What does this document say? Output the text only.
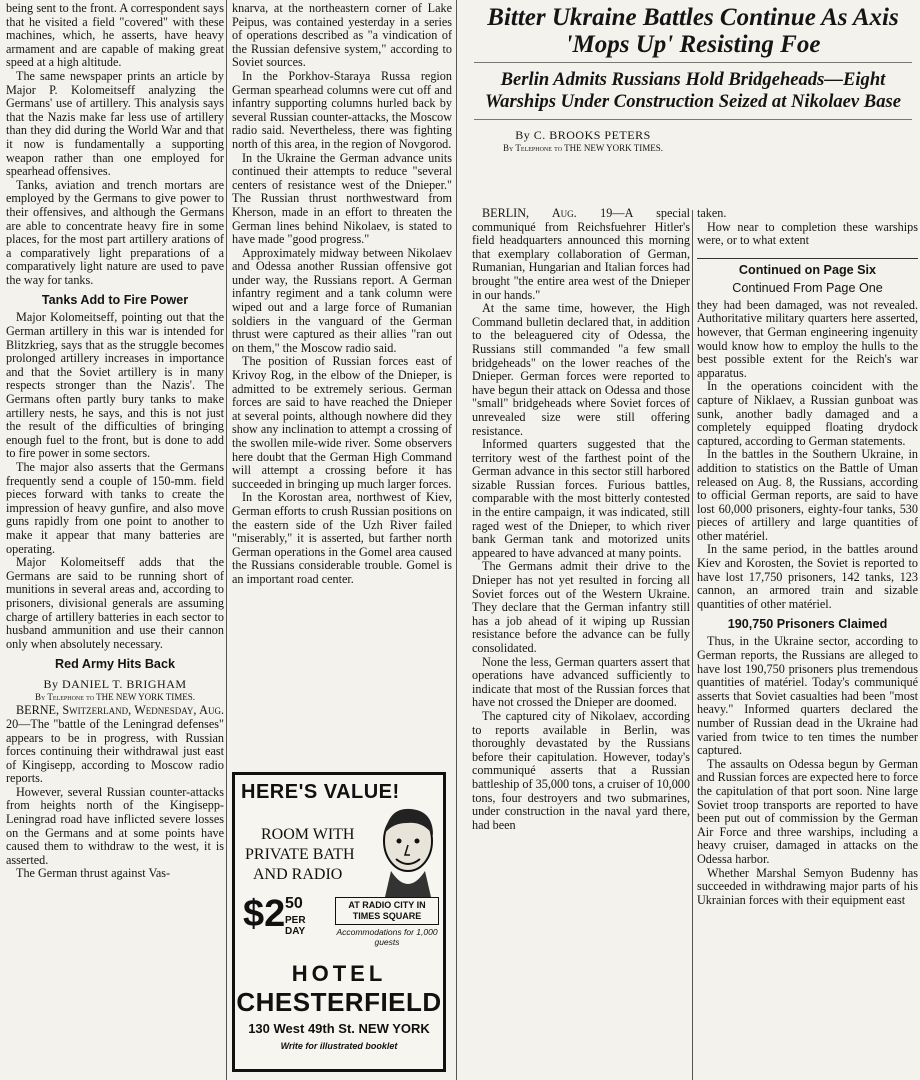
being sent to the front. A correspondent says that he visited a field "covered" with these machines, which, he asserts, have heavy armament and are capable of making great speed at a high altitude.

The same newspaper prints an article by Major P. Kolomeitseff analyzing the Germans' use of artillery. This analysis says that the Nazis make far less use of artillery than they did during the World War and that it now is fundamentally a supporting weapon rather than one employed for spearhead offensives.

Tanks, aviation and trench mortars are employed by the Germans to give power to their offensives, and although the Germans are able to concentrate heavy fire in some places, for the most part artillery arations of a comparatively light preparations of a comparatively light nature are used to pave the way for tanks.

Tanks Add to Fire Power

Major Kolomeitseff, pointing out that the German artillery in this war is intended for Blitzkrieg, says that as the struggle becomes prolonged artillery increases in importance and that the Soviet artillery is in many respects stronger than the Nazis'. The Germans often partly bury tanks to make artillery nests, he says, and this is not just the result of the difficulties of bringing enough fuel to the front, but is done to add to fire power in some sectors.

The major also asserts that the Germans frequently send a couple of 150-mm. field pieces forward with tanks to create the impression of heavy gunfire, and also move guns rapidly from one point to another to make it appear that many batteries are operating.

Major Kolomeitseff adds that the Germans are said to be running short of munitions in several areas and, according to prisoners, divisional generals are assuming charge of artillery batteries in each sector to husband ammunition and use their cannon only when absolutely necessary.

Red Army Hits Back
By DANIEL T. BRIGHAM
By Telephone to THE NEW YORK TIMES.

BERNE, Switzerland, Wednesday, Aug. 20—The "battle of the Leningrad defenses" appears to be in progress, with Russian forces continuing their withdrawal just east of Kingisepp, according to Moscow radio reports.

However, several Russian counter-attacks from heights north of the Kingisepp-Leningrad road have inflicted severe losses on the Germans and at some points have caused them to withdraw to the west, it is asserted.

The German thrust against Vas-

knarva, at the northeastern corner of Lake Peipus, was contained yesterday in a series of operations described as "a vindication of the Russian defensive system," according to Soviet sources.

In the Porkhov-Staraya Russa region German spearhead columns were cut off and infantry supporting columns hurled back by several Russian counter-attacks, the Moscow radio said. Nevertheless, there was fighting north of this area, in the region of Novgorod.

In the Ukraine the German advance units continued their attempts to reduce "several centers of resistance west of the Dnieper." The Russian thrust northwestward from Kherson, made in an effort to threaten the German lines behind Nikolaev, is stated to have made "good progress."

Approximately midway between Nikolaev and Odessa another Russian offensive got under way, the Russians report. A German infantry regiment and a tank column were wiped out and a large force of Rumanian soldiers in the vanguard of the German thrust were captured as their allies "ran out on them," the Moscow radio said.

The position of Russian forces east of Krivoy Rog, in the elbow of the Dnieper, is admitted to be extremely serious. German forces are said to have reached the Dnieper at several points, although nowhere did they show any inclination to attempt a crossing of the swollen mile-wide river. Some observers here doubt that the German High Command will attempt a crossing before it has succeeded in bringing up much larger forces.

In the Korostan area, northwest of Kiev, German efforts to crush Russian positions on the eastern side of the Uzh River failed "miserably," it is asserted, but farther north German operations in the Gomel area caused the Russians considerable trouble. Gomel is an important road center.

HERE'S VALUE!
ROOM WITH
PRIVATE BATH
AND RADIO
$2 50
PER DAY
AT RADIO CITY IN TIMES SQUARE
Accommodations for 1,000 guests
HOTEL
CHESTERFIELD
130 West 49th St. NEW YORK
Write for illustrated booklet
Bitter Ukraine Battles Continue As Axis 'Mops Up' Resisting Foe
Berlin Admits Russians Hold Bridgeheads—Eight Warships Under Construction Seized at Nikolaev Base
By C. BROOKS PETERS
By Telephone to THE NEW YORK TIMES.

BERLIN, Aug. 19—A special communiqué from Reichsfuehrer Hitler's field headquarters announced this morning that exemplary collaboration of German, Rumanian, Hungarian and Italian forces had brought "the entire area west of the Dnieper in our hands."

At the same time, however, the High Command bulletin declared that, in addition to the beleaguered city of Odessa, the Russians still commanded "a few small bridgeheads" on the lower reaches of the Dnieper. German forces were reported to have begun their attack on Odessa and those "small" bridgeheads where Soviet forces of unrevealed size were still offering resistance.

Informed quarters suggested that the territory west of the farthest point of the German advance in this sector still harbored sizable Russian forces. Furious battles, comparable with the most bitterly contested in the entire campaign, it was indicated, still raged west of the Dnieper, to which river bank German tank and motorized units appeared to have advanced at many points.

The Germans admit their drive to the Dnieper has not yet resulted in forcing all Soviet forces out of the Western Ukraine. They declare that the German infantry still has a job ahead of it wiping up Russian resistance before the advance can be fully consolidated.

None the less, German quarters assert that operations have advanced sufficiently to indicate that most of the Russian forces that have not crossed the Dnieper are doomed.

The captured city of Nikolaev, according to reports available in Berlin, was thoroughly devastated by the Russians before their capitulation. However, today's communiqué asserts that a Russian battleship of 35,000 tons, a cruiser of 10,000 tons, four destroyers and two submarines, under construction in the naval yard there, had been

taken.

How near to completion these warships were, or to what extent

Continued on Page Six
Continued From Page One

they had been damaged, was not revealed. Authoritative military quarters here asserted, however, that German engineering ingenuity would know how to employ the hulls to the best possible extent for the Reich's war apparatus.

In the operations coincident with the capture of Niklaev, a Russian gunboat was sunk, another badly damaged and a completely equipped floating drydock captured, according to German statements.

In the battles in the Southern Ukraine, in addition to statistics on the Battle of Uman released on Aug. 8, the Russians, according to official German reports, are said to have lost 60,000 prisoners, eighty-four tanks, 530 pieces of artillery and large quantities of other matériel.

In the same period, in the battles around Kiev and Korosten, the Soviet is reported to have lost 17,750 prisoners, 142 tanks, 123 cannon, an armored train and sizable quantities of other matériel.

190,750 Prisoners Claimed

Thus, in the Ukraine sector, according to German reports, the Russians are alleged to have lost 190,750 prisoners plus tremendous quantities of matériel. Today's communiqué asserts that Soviet casualties had been "most heavy." Informed quarters declared the number of Russian dead in the Ukraine had varied from twice to ten times the number captured.

The assaults on Odessa begun by German and Russian forces are expected here to force the capitulation of that port soon. Nine large Soviet troop transports are reported to have been put out of commission by the German Air Force and three warships, including a heavy cruiser, damaged in attacks on the Odessa harbor.

Whether Marshal Semyon Budenny has succeeded in withdrawing major parts of his Ukrainian forces with their equipment east
